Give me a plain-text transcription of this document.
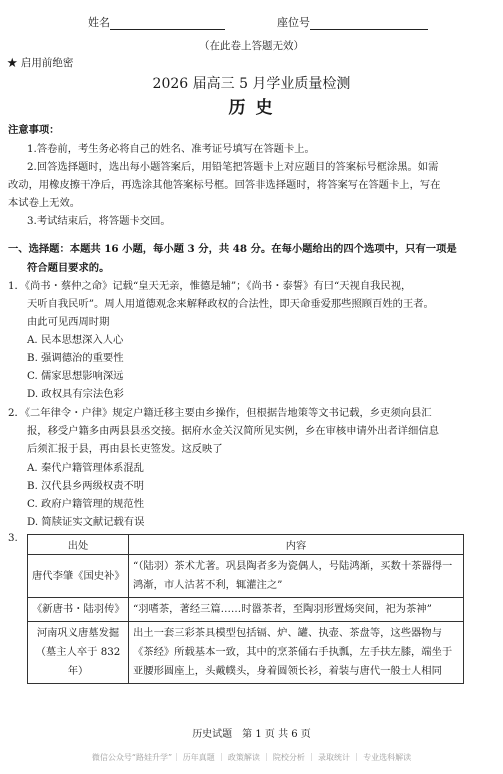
姓名	座位号
（在此卷上答题无效）
★ 启用前绝密
2026 届高三 5 月学业质量检测
历 史
注意事项：
1.答卷前，考生务必将自己的姓名、准考证号填写在答题卡上。
2.回答选择题时，选出每小题答案后，用铅笔把答题卡上对应题目的答案标号框涂黑。如需
改动，用橡皮擦干净后，再选涂其他答案标号框。回答非选择题时，将答案写在答题卡上，写在
本试卷上无效。
3.考试结束后，将答题卡交回。
一、选择题：本题共 16 小题，每小题 3 分，共 48 分。在每小题给出的四个选项中，只有一项是
符合题目要求的。
1．《尚书・蔡仲之命》记载“皇天无亲，惟德是辅”；《尚书・泰誓》有曰“天视自我民视，
天听自我民听”。周人用道德观念来解释政权的合法性，即天命垂爱那些照顾百姓的王者。
由此可见西周时期
A. 民本思想深入人心
B. 强调德治的重要性
C. 儒家思想影响深远
D. 政权具有宗法色彩
2．《二年律令・户律》规定户籍迁移主要由乡操作，但根据告地策等文书记载，乡吏须向县汇
报，移受户籍多由两县县丞交接。据府水金关汉简所见实例，乡在审核申请外出者详细信息
后须汇报于县，再由县长吏签发。这反映了
A. 秦代户籍管理体系混乱
B. 汉代县乡两级权责不明
C. 政府户籍管理的规范性
D. 简牍证实文献记载有误
3.
出处	内容
唐代李肇《国史补》	“（陆羽）茶术尤著。巩县陶者多为瓷偶人，号陆鸿渐，买数十茶器得一鸿渐，市人沽茗不利，辄灌注之”
《新唐书・陆羽传》	“羽嗜茶，著经三篇……时嚣茶者，至陶羽形置炀突间，祀为茶神”
河南巩义唐墓发掘（墓主人卒于 832 年）	出土一套三彩茶具模型包括镉、炉、罐、执壶、茶盘等，这些器物与《茶经》所载基本一致，其中的烹茶俑右手执瓢，左手扶左膝，端坐于亚腰形圆座上，头戴幞头，身着圆领长衫，着装与唐代一般士人相同
历史试题　第 1 页 共 6 页
微信公众号“路娃升学”｜ 历年真题 ｜ 政策解读 ｜ 院校分析 ｜ 录取统计 ｜ 专业选科解读
